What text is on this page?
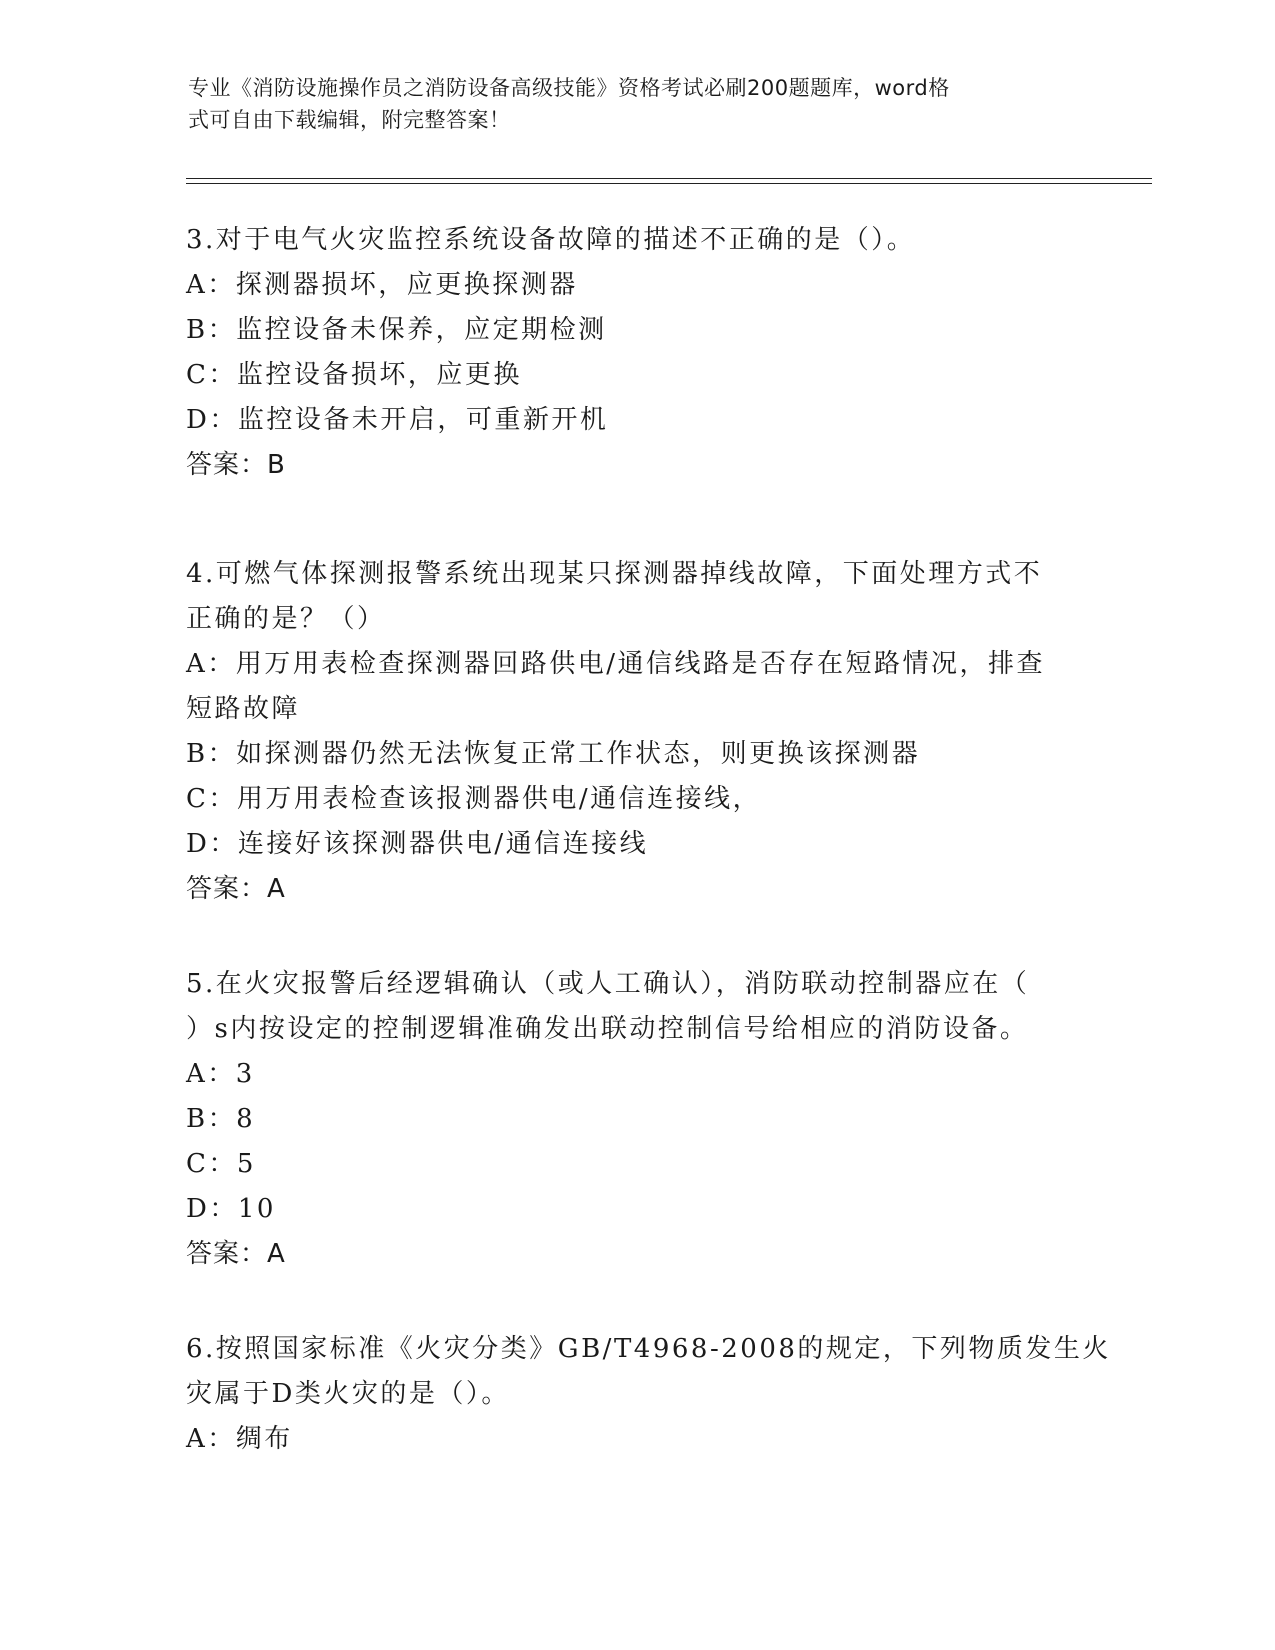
专业《消防设施操作员之消防设备高级技能》资格考试必刷200题题库，word格
式可自由下载编辑，附完整答案！
3.对于电气火灾监控系统设备故障的描述不正确的是（）。
A：探测器损坏，应更换探测器
B：监控设备未保养，应定期检测
C：监控设备损坏，应更换
D：监控设备未开启，可重新开机
答案：B
4.可燃气体探测报警系统出现某只探测器掉线故障，下面处理方式不
正确的是？（）
A：用万用表检查探测器回路供电/通信线路是否存在短路情况，排查
短路故障
B：如探测器仍然无法恢复正常工作状态，则更换该探测器
C：用万用表检查该报测器供电/通信连接线，
D：连接好该探测器供电/通信连接线
答案：A
5.在火灾报警后经逻辑确认（或人工确认），消防联动控制器应在（
）s内按设定的控制逻辑准确发出联动控制信号给相应的消防设备。
A：3
B：8
C：5
D：10
答案：A
6.按照国家标准《火灾分类》GB/T4968-2008的规定，下列物质发生火
灾属于D类火灾的是（）。
A：绸布
